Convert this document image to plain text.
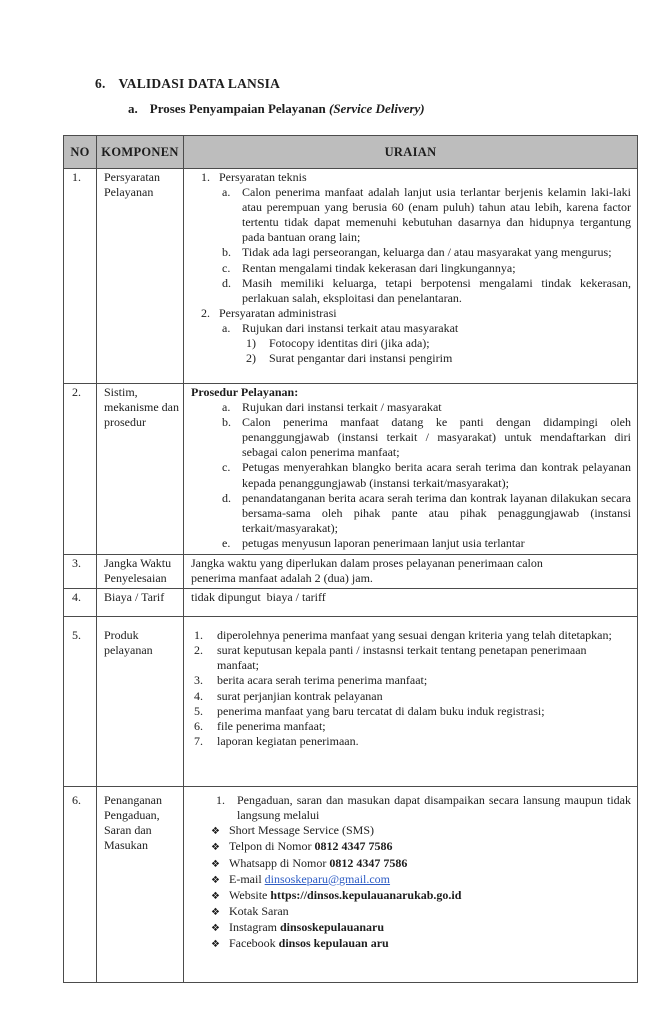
6. VALIDASI DATA LANSIA
a. Proses Penyampaian Pelayanan (Service Delivery)
NO	KOMPONEN	URAIAN
1.	Persyaratan Pelayanan	
1. Persyaratan teknis
a. Calon penerima manfaat adalah lanjut usia terlantar berjenis kelamin laki-laki atau perempuan yang berusia 60 (enam puluh) tahun atau lebih, karena factor tertentu tidak dapat memenuhi kebutuhan dasarnya dan hidupnya tergantung pada bantuan orang lain;
b. Tidak ada lagi perseorangan, keluarga dan / atau masyarakat yang mengurus;
c. Rentan mengalami tindak kekerasan dari lingkungannya;
d. Masih memiliki keluarga, tetapi berpotensi mengalami tindak kekerasan, perlakuan salah, eksploitasi dan penelantaran.
2. Persyaratan administrasi
a. Rujukan dari instansi terkait atau masyarakat
1) Fotocopy identitas diri (jika ada);
2) Surat pengantar dari instansi pengirim

2.	Sistim, mekanisme dan prosedur	
Prosedur Pelayanan:
a. Rujukan dari instansi terkait / masyarakat
b. Calon penerima manfaat datang ke panti dengan didampingi oleh penanggungjawab (instansi terkait / masyarakat) untuk mendaftarkan diri sebagai calon penerima manfaat;
c. Petugas menyerahkan blangko berita acara serah terima dan kontrak pelayanan kepada penanggungjawab (instansi terkait/masyarakat);
d. penandatanganan berita acara serah terima dan kontrak layanan dilakukan secara bersama-sama oleh pihak pante atau pihak penaggungjawab (instansi terkait/masyarakat);
e. petugas menyusun laporan penerimaan lanjut usia terlantar

3.	Jangka Waktu Penyelesaian	Jangka waktu yang diperlukan dalam proses pelayanan penerimaan calon penerima manfaat adalah 2 (dua) jam.

4.	Biaya / Tarif	tidak dipungut  biaya / tariff

5.	Produk pelayanan	
1. diperolehnya penerima manfaat yang sesuai dengan kriteria yang telah ditetapkan;
2. surat keputusan kepala panti / instasnsi terkait tentang penetapan penerimaan manfaat;
3. berita acara serah terima penerima manfaat;
4. surat perjanjian kontrak pelayanan
5. penerima manfaat yang baru tercatat di dalam buku induk registrasi;
6. file penerima manfaat;
7. laporan kegiatan penerimaan.

6.	Penanganan Pengaduan, Saran dan Masukan	
1. Pengaduan, saran dan masukan dapat disampaikan secara lansung maupun tidak langsung melalui
❖ Short Message Service (SMS)
❖ Telpon di Nomor 0812 4347 7586
❖ Whatsapp di Nomor 0812 4347 7586
❖ E-mail dinsoskeparu@gmail.com
❖ Website https://dinsos.kepulauanarukab.go.id
❖ Kotak Saran
❖ Instagram dinsoskepulauanaru
❖ Facebook dinsos kepulauan aru
